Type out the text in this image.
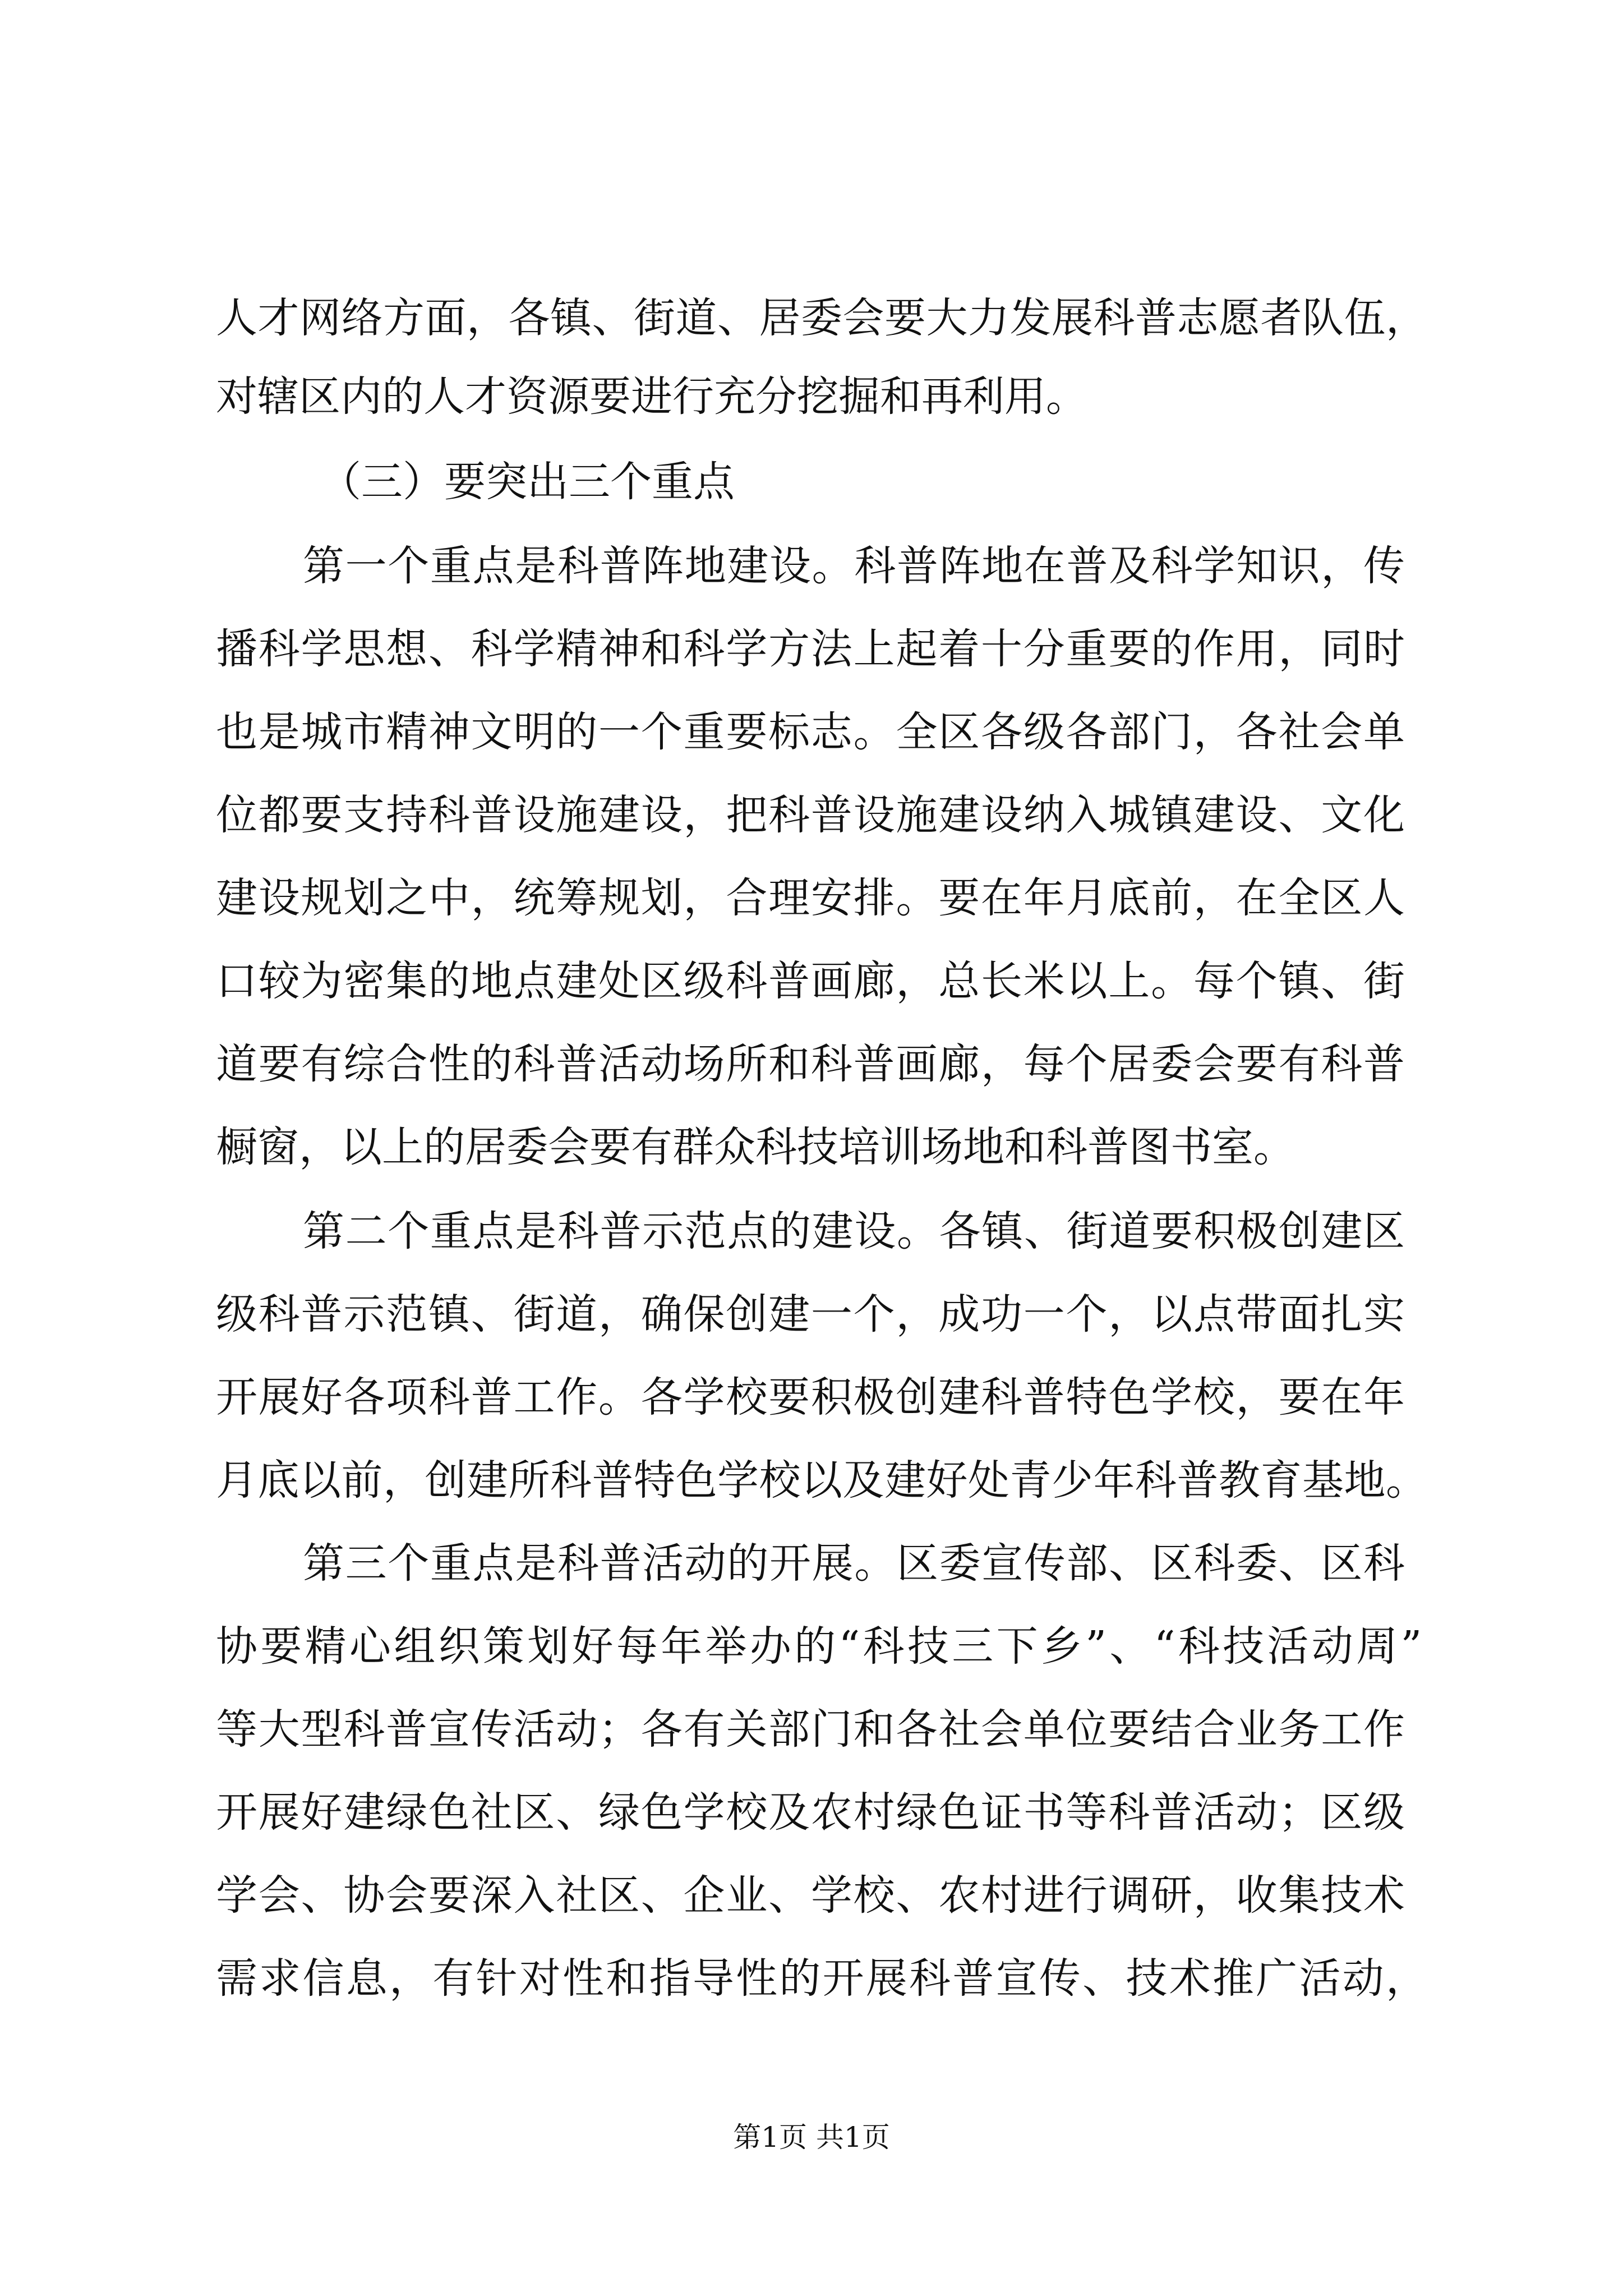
人才网络方面，各镇、街道、居委会要大力发展科普志愿者队伍，
对辖区内的人才资源要进行充分挖掘和再利用。
（三）要突出三个重点
第一个重点是科普阵地建设。科普阵地在普及科学知识，传
播科学思想、科学精神和科学方法上起着十分重要的作用，同时
也是城市精神文明的一个重要标志。全区各级各部门，各社会单
位都要支持科普设施建设，把科普设施建设纳入城镇建设、文化
建设规划之中，统筹规划，合理安排。要在年月底前，在全区人
口较为密集的地点建处区级科普画廊，总长米以上。每个镇、街
道要有综合性的科普活动场所和科普画廊，每个居委会要有科普
橱窗，以上的居委会要有群众科技培训场地和科普图书室。
第二个重点是科普示范点的建设。各镇、街道要积极创建区
级科普示范镇、街道，确保创建一个，成功一个，以点带面扎实
开展好各项科普工作。各学校要积极创建科普特色学校，要在年
月底以前，创建所科普特色学校以及建好处青少年科普教育基地。
第三个重点是科普活动的开展。区委宣传部、区科委、区科
协要精心组织策划好每年举办的“科技三下乡”、“科技活动周”
等大型科普宣传活动；各有关部门和各社会单位要结合业务工作
开展好建绿色社区、绿色学校及农村绿色证书等科普活动；区级
学会、协会要深入社区、企业、学校、农村进行调研，收集技术
需求信息，有针对性和指导性的开展科普宣传、技术推广活动，
第1页 共1页
